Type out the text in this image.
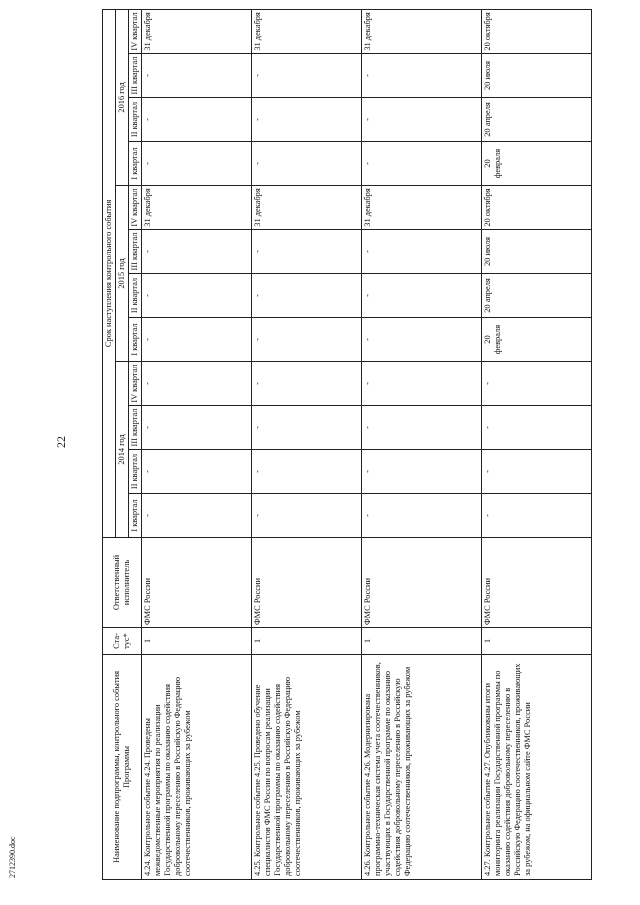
22
2712390.doc	Наименование подпрограммы, контрольного события Программы	Ста-тус*	Ответственный исполнитель	Срок наступления контрольного события											
			2014 год				2015 год				2016 год			
			I квартал	II квартал	III квартал	IV квартал	I квартал	II квартал	III квартал	IV квартал	I квартал	II квартал	III квартал	IV квартал
4.24. Контрольное событие 4.24. Проведены межведомственные мероприятия по реализации Государственной программы по оказанию содействия добровольному переселению в Российскую Федерацию соотечественников, проживающих за рубежом	1	ФМС России	-	-	-	-	-	-	-	31 декабря	-	-	-	31 декабря
4.25. Контрольное событие 4.25. Проведено обучение специалистов ФМС России по вопросам реализации Государственной программы по оказанию содействия добровольному переселению в Российскую Федерацию соотечественников, проживающих за рубежом	1	ФМС России	-	-	-	-	-	-	-	31 декабря	-	-	-	31 декабря
4.26. Контрольное событие 4.26. Модернизирована программно-техническая система учета соотечественников, участвующих в Государственной программе по оказанию содействия добровольному переселению в Российскую Федерацию соотечественников, проживающих за рубежом	1	ФМС России	-	-	-	-	-	-	-	31 декабря	-	-	-	31 декабря
4.27. Контрольное событие 4.27. Опубликованы итоги мониторинга реализации Государственной программы по оказанию содействия добровольному переселению в Российскую Федерацию соотечественников, проживающих за рубежом, на официальном сайте ФМС России	1	ФМС России	-	-	-	-	20 февраля	20 апреля	20 июля	20 октября	20 февраля	20 апреля	20 июля	20 октября
